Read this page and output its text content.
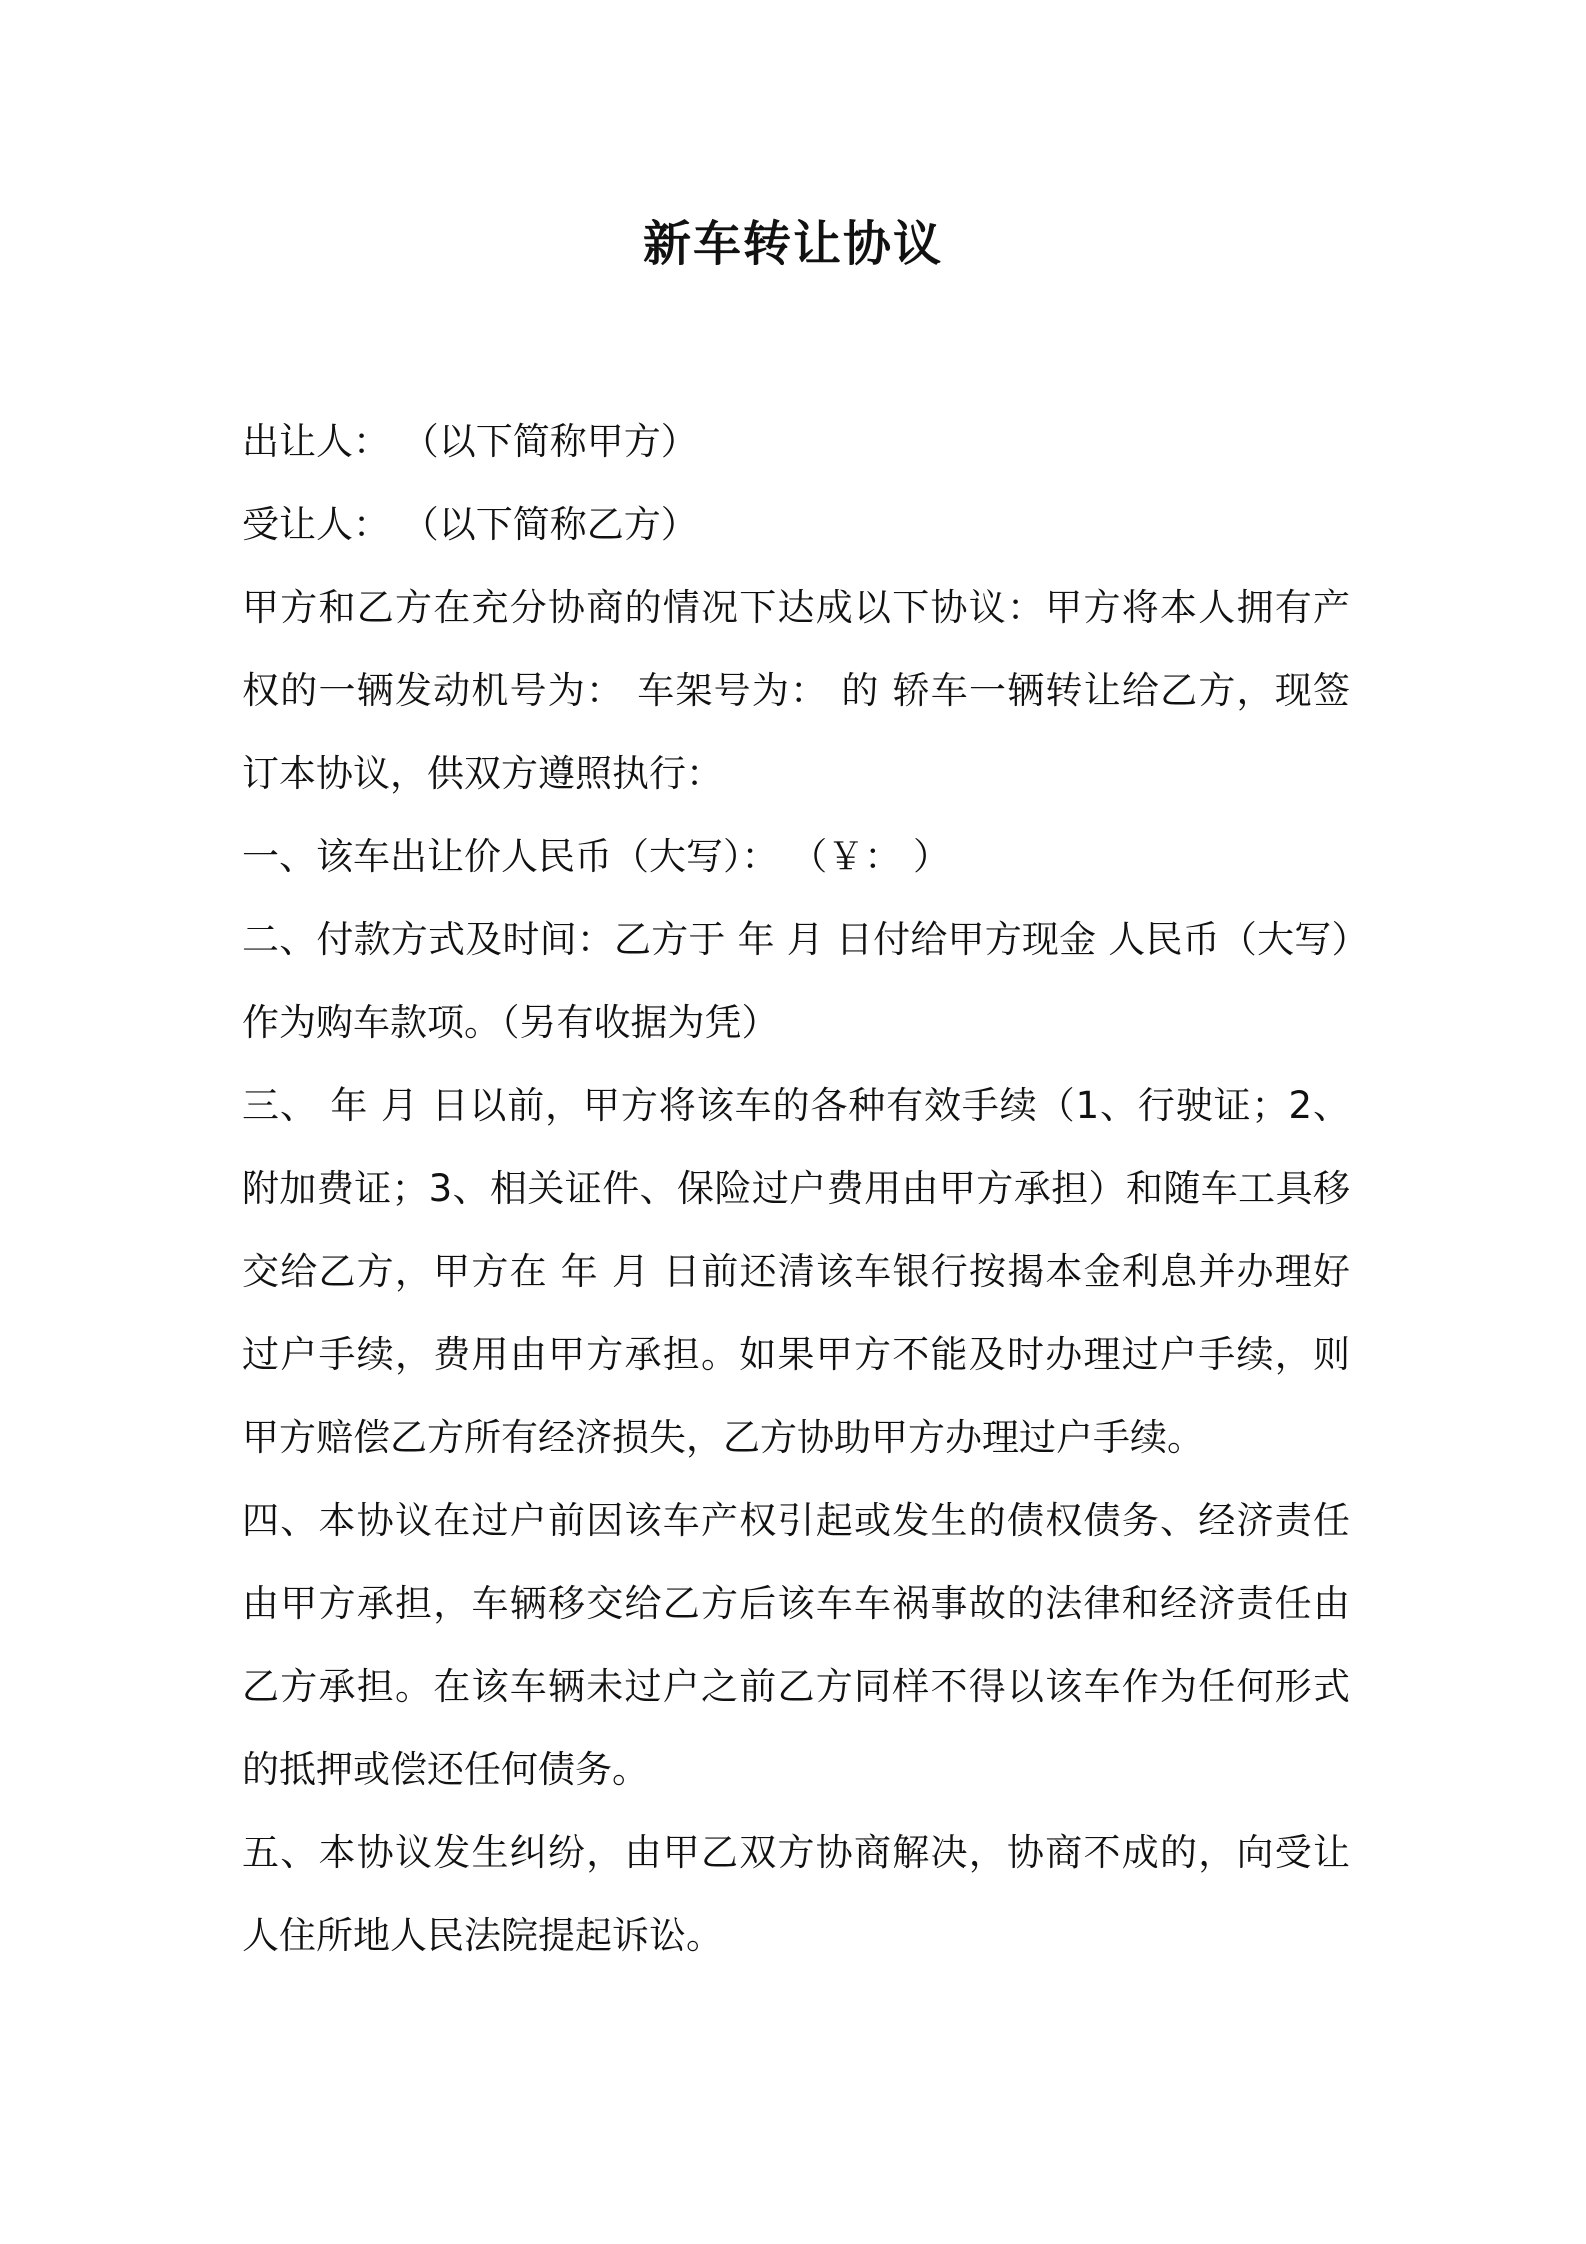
新车转让协议

出让人： （以下简称甲方）

受让人： （以下简称乙方）

甲方和乙方在充分协商的情况下达成以下协议：甲方将本人拥有产权的一辆发动机号为： 车架号为： 的 轿车一辆转让给乙方，现签订本协议，供双方遵照执行：

一、该车出让价人民币（大写）： （￥： ）

二、付款方式及时间：乙方于 年 月 日付给甲方现金 人民币（大写）作为购车款项。（另有收据为凭）

三、 年 月 日以前，甲方将该车的各种有效手续（1、行驶证；2、附加费证；3、相关证件、保险过户费用由甲方承担）和随车工具移交给乙方，甲方在 年 月 日前还清该车银行按揭本金利息并办理好过户手续，费用由甲方承担。如果甲方不能及时办理过户手续，则甲方赔偿乙方所有经济损失，乙方协助甲方办理过户手续。

四、本协议在过户前因该车产权引起或发生的债权债务、经济责任由甲方承担，车辆移交给乙方后该车车祸事故的法律和经济责任由乙方承担。在该车辆未过户之前乙方同样不得以该车作为任何形式的抵押或偿还任何债务。

五、本协议发生纠纷，由甲乙双方协商解决，协商不成的，向受让人住所地人民法院提起诉讼。
